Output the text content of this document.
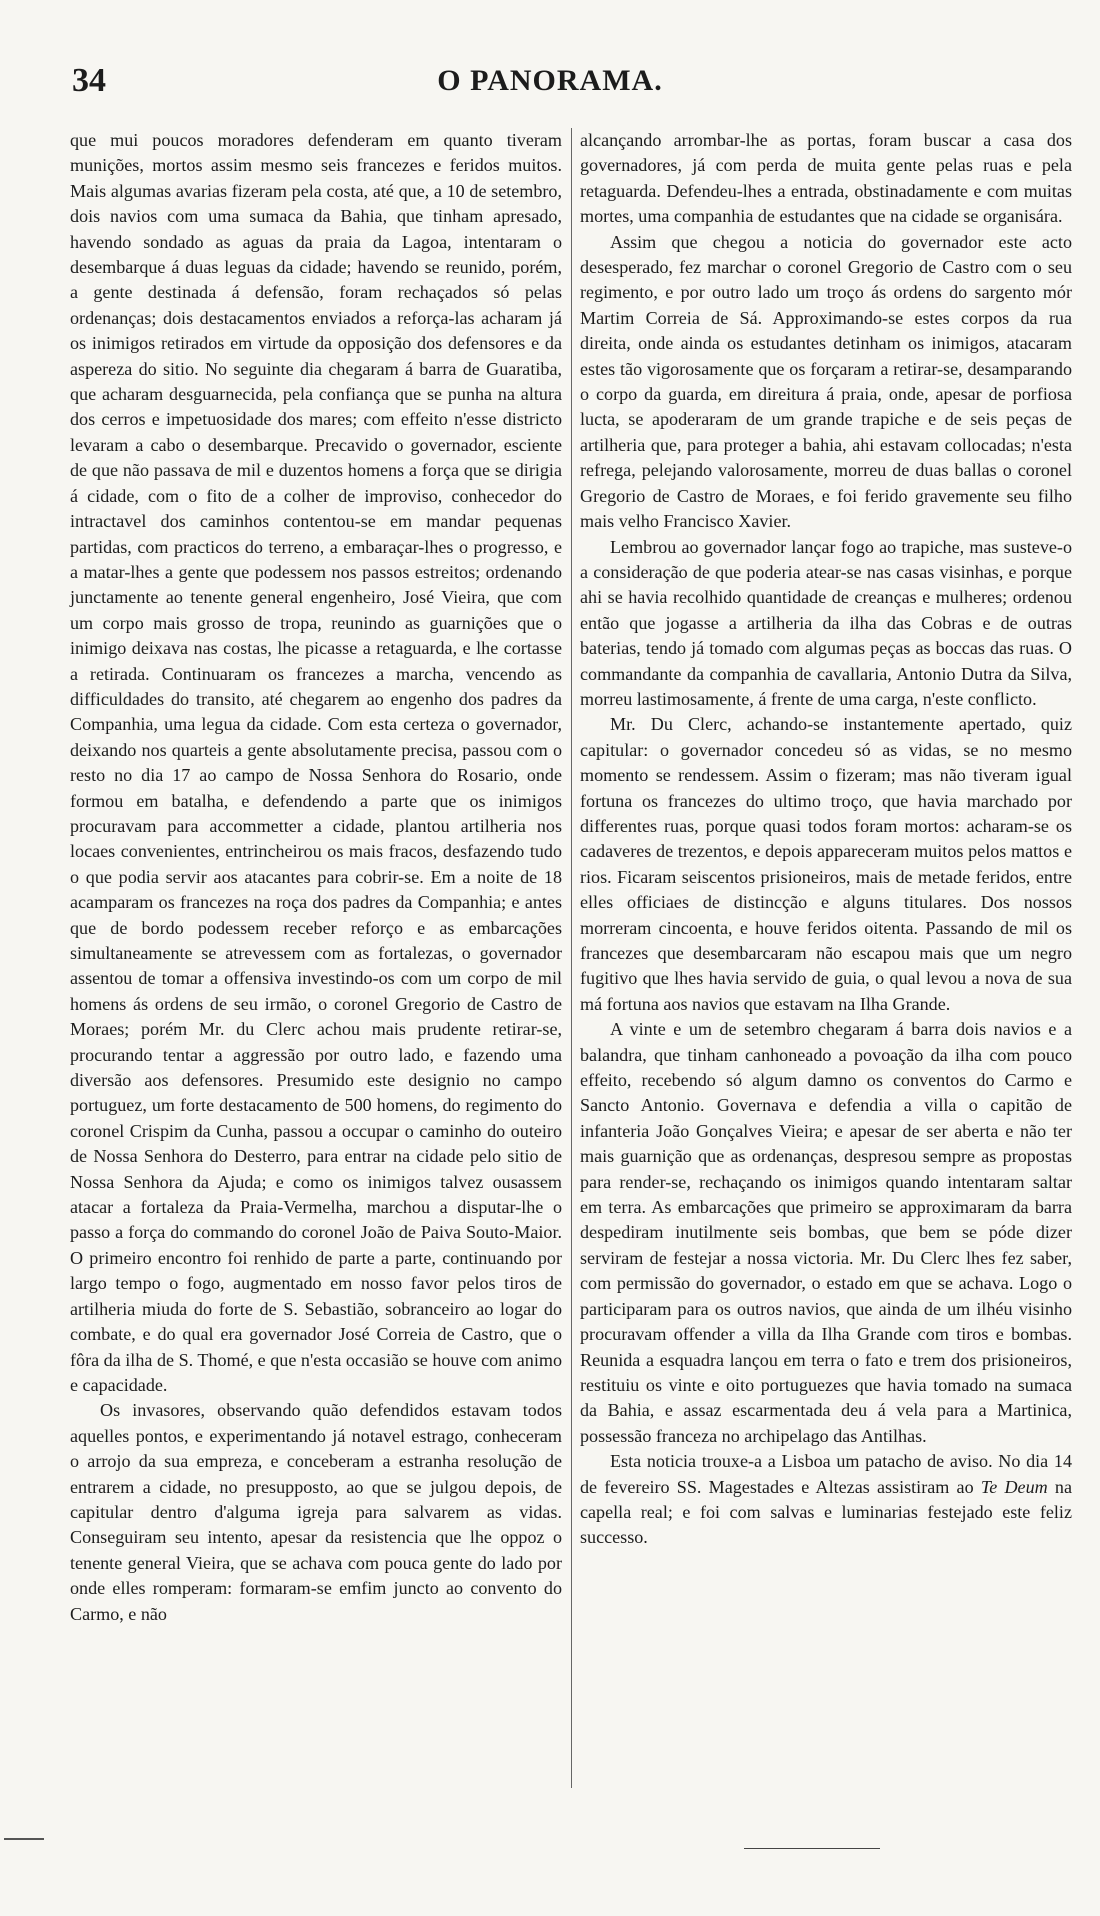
34	O PANORAMA.

que mui poucos moradores defenderam em quanto tiveram munições, mortos assim mesmo seis francezes e feridos muitos. Mais algumas avarias fizeram pela costa, até que, a 10 de setembro, dois navios com uma sumaca da Bahia, que tinham apresado, havendo sondado as aguas da praia da Lagoa, intentaram o desembarque á duas leguas da cidade; havendo se reunido, porém, a gente destinada á defensão, foram rechaçados só pelas ordenanças; dois destacamentos enviados a reforça-las acharam já os inimigos retirados em virtude da opposição dos defensores e da aspereza do sitio. No seguinte dia chegaram á barra de Guaratiba, que acharam desguarnecida, pela confiança que se punha na altura dos cerros e impetuosidade dos mares; com effeito n'esse districto levaram a cabo o desembarque. Precavido o governador, esciente de que não passava de mil e duzentos homens a força que se dirigia á cidade, com o fito de a colher de improviso, conhecedor do intractavel dos caminhos contentou-se em mandar pequenas partidas, com practicos do terreno, a embaraçar-lhes o progresso, e a matar-lhes a gente que podessem nos passos estreitos; ordenando junctamente ao tenente general engenheiro, José Vieira, que com um corpo mais grosso de tropa, reunindo as guarnições que o inimigo deixava nas costas, lhe picasse a retaguarda, e lhe cortasse a retirada. Continuaram os francezes a marcha, vencendo as difficuldades do transito, até chegarem ao engenho dos padres da Companhia, uma legua da cidade. Com esta certeza o governador, deixando nos quarteis a gente absolutamente precisa, passou com o resto no dia 17 ao campo de Nossa Senhora do Rosario, onde formou em batalha, e defendendo a parte que os inimigos procuravam para accommetter a cidade, plantou artilheria nos locaes convenientes, entrincheirou os mais fracos, desfazendo tudo o que podia servir aos atacantes para cobrir-se. Em a noite de 18 acamparam os francezes na roça dos padres da Companhia; e antes que de bordo podessem receber reforço e as embarcações simultaneamente se atrevessem com as fortalezas, o governador assentou de tomar a offensiva investindo-os com um corpo de mil homens ás ordens de seu irmão, o coronel Gregorio de Castro de Moraes; porém Mr. du Clerc achou mais prudente retirar-se, procurando tentar a aggressão por outro lado, e fazendo uma diversão aos defensores. Presumido este designio no campo portuguez, um forte destacamento de 500 homens, do regimento do coronel Crispim da Cunha, passou a occupar o caminho do outeiro de Nossa Senhora do Desterro, para entrar na cidade pelo sitio de Nossa Senhora da Ajuda; e como os inimigos talvez ousassem atacar a fortaleza da Praia-Vermelha, marchou a disputar-lhe o passo a força do commando do coronel João de Paiva Souto-Maior. O primeiro encontro foi renhido de parte a parte, continuando por largo tempo o fogo, augmentado em nosso favor pelos tiros de artilheria miuda do forte de S. Sebastião, sobranceiro ao logar do combate, e do qual era governador José Correia de Castro, que o fôra da ilha de S. Thomé, e que n'esta occasião se houve com animo e capacidade.

Os invasores, observando quão defendidos estavam todos aquelles pontos, e experimentando já notavel estrago, conheceram o arrojo da sua empreza, e conceberam a estranha resolução de entrarem a cidade, no presupposto, ao que se julgou depois, de capitular dentro d'alguma igreja para salvarem as vidas. Conseguiram seu intento, apesar da resistencia que lhe oppoz o tenente general Vieira, que se achava com pouca gente do lado por onde elles romperam: formaram-se emfim juncto ao convento do Carmo, e não

alcançando arrombar-lhe as portas, foram buscar a casa dos governadores, já com perda de muita gente pelas ruas e pela retaguarda. Defendeu-lhes a entrada, obstinadamente e com muitas mortes, uma companhia de estudantes que na cidade se organisára.

Assim que chegou a noticia do governador este acto desesperado, fez marchar o coronel Gregorio de Castro com o seu regimento, e por outro lado um troço ás ordens do sargento mór Martim Correia de Sá. Approximando-se estes corpos da rua direita, onde ainda os estudantes detinham os inimigos, atacaram estes tão vigorosamente que os forçaram a retirar-se, desamparando o corpo da guarda, em direitura á praia, onde, apesar de porfiosa lucta, se apoderaram de um grande trapiche e de seis peças de artilheria que, para proteger a bahia, ahi estavam collocadas; n'esta refrega, pelejando valorosamente, morreu de duas ballas o coronel Gregorio de Castro de Moraes, e foi ferido gravemente seu filho mais velho Francisco Xavier.

Lembrou ao governador lançar fogo ao trapiche, mas susteve-o a consideração de que poderia atear-se nas casas visinhas, e porque ahi se havia recolhido quantidade de creanças e mulheres; ordenou então que jogasse a artilheria da ilha das Cobras e de outras baterias, tendo já tomado com algumas peças as boccas das ruas. O commandante da companhia de cavallaria, Antonio Dutra da Silva, morreu lastimosamente, á frente de uma carga, n'este conflicto.

Mr. Du Clerc, achando-se instantemente apertado, quiz capitular: o governador concedeu só as vidas, se no mesmo momento se rendessem. Assim o fizeram; mas não tiveram igual fortuna os francezes do ultimo troço, que havia marchado por differentes ruas, porque quasi todos foram mortos: acharam-se os cadaveres de trezentos, e depois appareceram muitos pelos mattos e rios. Ficaram seiscentos prisioneiros, mais de metade feridos, entre elles officiaes de distincção e alguns titulares. Dos nossos morreram cincoenta, e houve feridos oitenta. Passando de mil os francezes que desembarcaram não escapou mais que um negro fugitivo que lhes havia servido de guia, o qual levou a nova de sua má fortuna aos navios que estavam na Ilha Grande.

A vinte e um de setembro chegaram á barra dois navios e a balandra, que tinham canhoneado a povoação da ilha com pouco effeito, recebendo só algum damno os conventos do Carmo e Sancto Antonio. Governava e defendia a villa o capitão de infanteria João Gonçalves Vieira; e apesar de ser aberta e não ter mais guarnição que as ordenanças, despresou sempre as propostas para render-se, rechaçando os inimigos quando intentaram saltar em terra. As embarcações que primeiro se approximaram da barra despediram inutilmente seis bombas, que bem se póde dizer serviram de festejar a nossa victoria. Mr. Du Clerc lhes fez saber, com permissão do governador, o estado em que se achava. Logo o participaram para os outros navios, que ainda de um ilhéu visinho procuravam offender a villa da Ilha Grande com tiros e bombas. Reunida a esquadra lançou em terra o fato e trem dos prisioneiros, restituiu os vinte e oito portuguezes que havia tomado na sumaca da Bahia, e assaz escarmentada deu á vela para a Martinica, possessão franceza no archipelago das Antilhas.

Esta noticia trouxe-a a Lisboa um patacho de aviso. No dia 14 de fevereiro SS. Magestades e Altezas assistiram ao Te Deum na capella real; e foi com salvas e luminarias festejado este feliz successo.
